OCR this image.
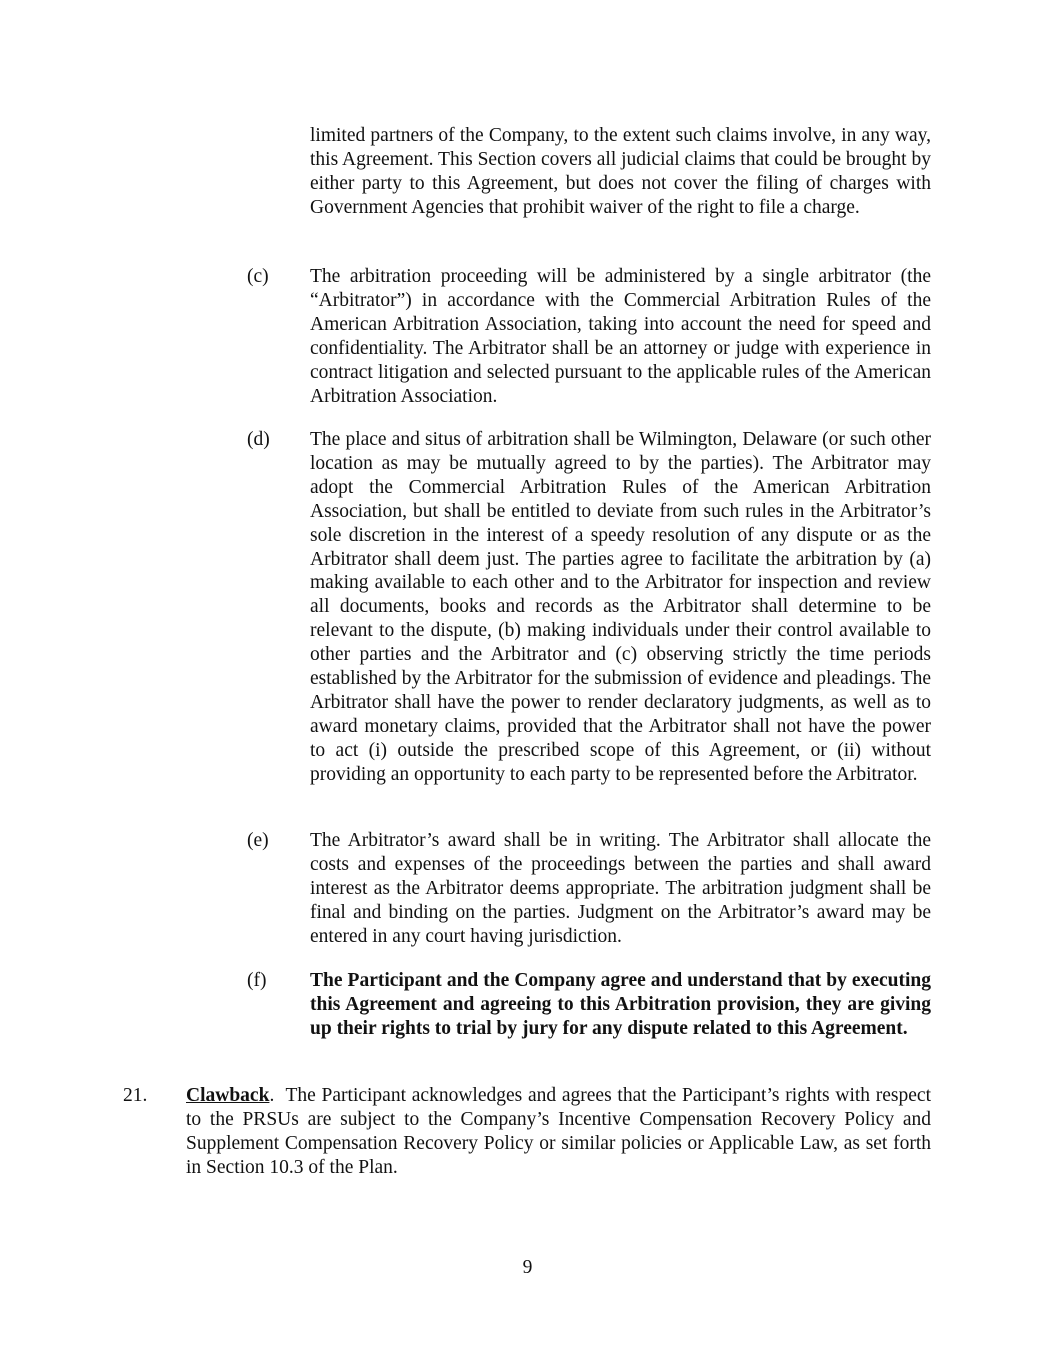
limited partners of the Company, to the extent such claims involve, in any way, this Agreement. This Section covers all judicial claims that could be brought by either party to this Agreement, but does not cover the filing of charges with Government Agencies that prohibit waiver of the right to file a charge.

(c) The arbitration proceeding will be administered by a single arbitrator (the “Arbitrator”) in accordance with the Commercial Arbitration Rules of the American Arbitration Association, taking into account the need for speed and confidentiality. The Arbitrator shall be an attorney or judge with experience in contract litigation and selected pursuant to the applicable rules of the American Arbitration Association.

(d) The place and situs of arbitration shall be Wilmington, Delaware (or such other location as may be mutually agreed to by the parties). The Arbitrator may adopt the Commercial Arbitration Rules of the American Arbitration Association, but shall be entitled to deviate from such rules in the Arbitrator’s sole discretion in the interest of a speedy resolution of any dispute or as the Arbitrator shall deem just. The parties agree to facilitate the arbitration by (a) making available to each other and to the Arbitrator for inspection and review all documents, books and records as the Arbitrator shall determine to be relevant to the dispute, (b) making individuals under their control available to other parties and the Arbitrator and (c) observing strictly the time periods established by the Arbitrator for the submission of evidence and pleadings. The Arbitrator shall have the power to render declaratory judgments, as well as to award monetary claims, provided that the Arbitrator shall not have the power to act (i) outside the prescribed scope of this Agreement, or (ii) without providing an opportunity to each party to be represented before the Arbitrator.

(e) The Arbitrator’s award shall be in writing. The Arbitrator shall allocate the costs and expenses of the proceedings between the parties and shall award interest as the Arbitrator deems appropriate. The arbitration judgment shall be final and binding on the parties. Judgment on the Arbitrator’s award may be entered in any court having jurisdiction.

(f) The Participant and the Company agree and understand that by executing this Agreement and agreeing to this Arbitration provision, they are giving up their rights to trial by jury for any dispute related to this Agreement.

21. Clawback. The Participant acknowledges and agrees that the Participant’s rights with respect to the PRSUs are subject to the Company’s Incentive Compensation Recovery Policy and Supplement Compensation Recovery Policy or similar policies or Applicable Law, as set forth in Section 10.3 of the Plan.

9
